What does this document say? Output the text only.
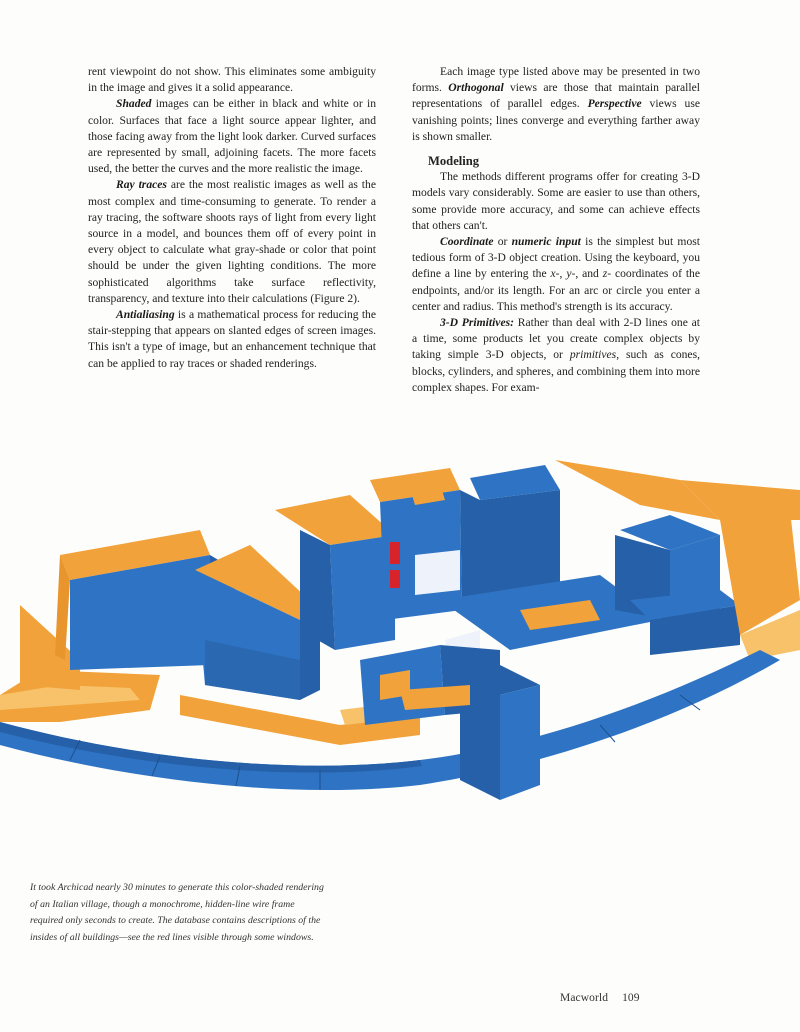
rent viewpoint do not show. This eliminates some ambiguity in the image and gives it a solid appearance.

Shaded images can be either in black and white or in color. Surfaces that face a light source appear lighter, and those facing away from the light look darker. Curved surfaces are represented by small, adjoining facets. The more facets used, the better the curves and the more realistic the image.

Ray traces are the most realistic images as well as the most complex and time-consuming to generate. To render a ray tracing, the software shoots rays of light from every light source in a model, and bounces them off of every point in every object to calculate what gray-shade or color that point should be under the given lighting conditions. The more sophisticated algorithms take surface reflectivity, transparency, and texture into their calculations (Figure 2).

Antialiasing is a mathematical process for reducing the stair-stepping that appears on slanted edges of screen images. This isn't a type of image, but an enhancement technique that can be applied to ray traces or shaded renderings.

Each image type listed above may be presented in two forms. Orthogonal views are those that maintain parallel representations of parallel edges. Perspective views use vanishing points; lines converge and everything farther away is shown smaller.

Modeling

The methods different programs offer for creating 3-D models vary considerably. Some are easier to use than others, some provide more accuracy, and some can achieve effects that others can't.

Coordinate or numeric input is the simplest but most tedious form of 3-D object creation. Using the keyboard, you define a line by entering the x-, y-, and z- coordinates of the endpoints, and/or its length. For an arc or circle you enter a center and radius. This method's strength is its accuracy.

3-D Primitives: Rather than deal with 2-D lines one at a time, some products let you create complex objects by taking simple 3-D objects, or primitives, such as cones, blocks, cylinders, and spheres, and combining them into more complex shapes. For exam-

It took Archicad nearly 30 minutes to generate this color-shaded rendering of an Italian village, though a monochrome, hidden-line wire frame required only seconds to create. The database contains descriptions of the insides of all buildings—see the red lines visible through some windows.

Macworld 109
